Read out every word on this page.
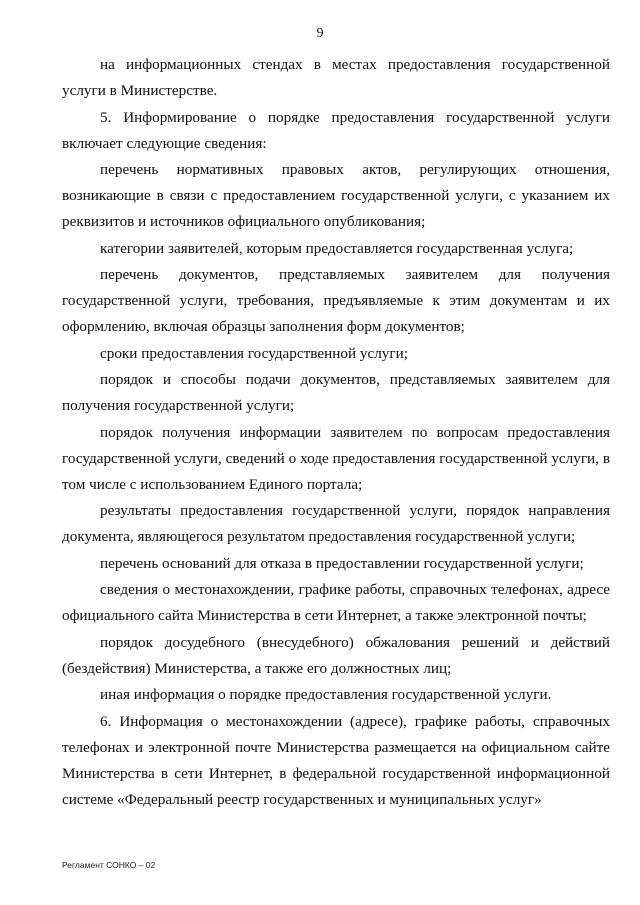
9

на информационных стендах в местах предоставления государственной услуги в Министерстве.

5. Информирование о порядке предоставления государственной услуги включает следующие сведения:

перечень нормативных правовых актов, регулирующих отношения, возникающие в связи с предоставлением государственной услуги, с указанием их реквизитов и источников официального опубликования;

категории заявителей, которым предоставляется государственная услуга;

перечень документов, представляемых заявителем для получения государственной услуги, требования, предъявляемые к этим документам и их оформлению, включая образцы заполнения форм документов;

сроки предоставления государственной услуги;

порядок и способы подачи документов, представляемых заявителем для получения государственной услуги;

порядок получения информации заявителем по вопросам предоставления государственной услуги, сведений о ходе предоставления государственной услуги, в том числе с использованием Единого портала;

результаты предоставления государственной услуги, порядок направления документа, являющегося результатом предоставления государственной услуги;

перечень оснований для отказа в предоставлении государственной услуги;

сведения о местонахождении, графике работы, справочных телефонах, адресе официального сайта Министерства в сети Интернет, а также электронной почты;

порядок досудебного (внесудебного) обжалования решений и действий (бездействия) Министерства, а также его должностных лиц;

иная информация о порядке предоставления государственной услуги.

6. Информация о местонахождении (адресе), графике работы, справочных телефонах и электронной почте Министерства размещается на официальном сайте Министерства в сети Интернет, в федеральной государственной информационной системе «Федеральный реестр государственных и муниципальных услуг»

Регламент СОНКО – 02
